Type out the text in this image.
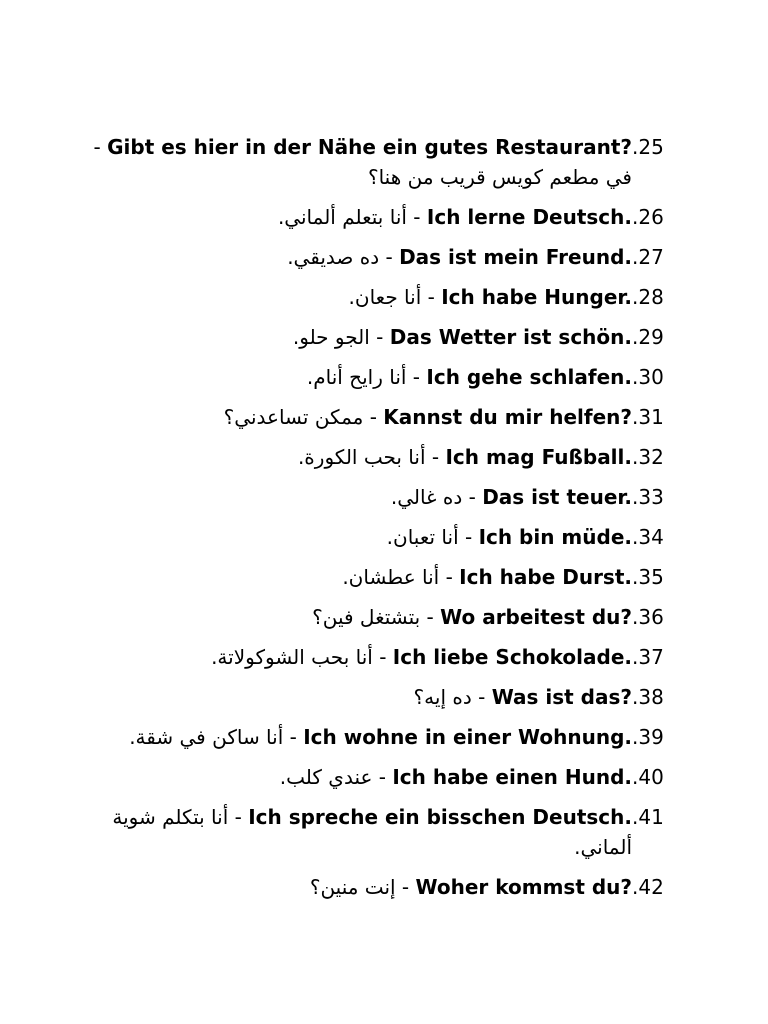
.25
Gibt es hier in der Nähe ein gutes Restaurant? - في مطعم كويس قريب من هنا؟
.26
Ich lerne Deutsch. - أنا بتعلم ألماني.
.27
Das ist mein Freund. - ده صديقي.
.28
Ich habe Hunger. - أنا جعان.
.29
Das Wetter ist schön. - الجو حلو.
.30
Ich gehe schlafen. - أنا رايح أنام.
.31
Kannst du mir helfen? - ممكن تساعدني؟
.32
Ich mag Fußball. - أنا بحب الكورة.
.33
Das ist teuer. - ده غالي.
.34
Ich bin müde. - أنا تعبان.
.35
Ich habe Durst. - أنا عطشان.
.36
Wo arbeitest du? - بتشتغل فين؟
.37
Ich liebe Schokolade. - أنا بحب الشوكولاتة.
.38
Was ist das? - ده إيه؟
.39
Ich wohne in einer Wohnung. - أنا ساكن في شقة.
.40
Ich habe einen Hund. - عندي كلب.
.41
Ich spreche ein bisschen Deutsch. - أنا بتكلم شوية ألماني.
.42
Woher kommst du? - إنت منين؟
